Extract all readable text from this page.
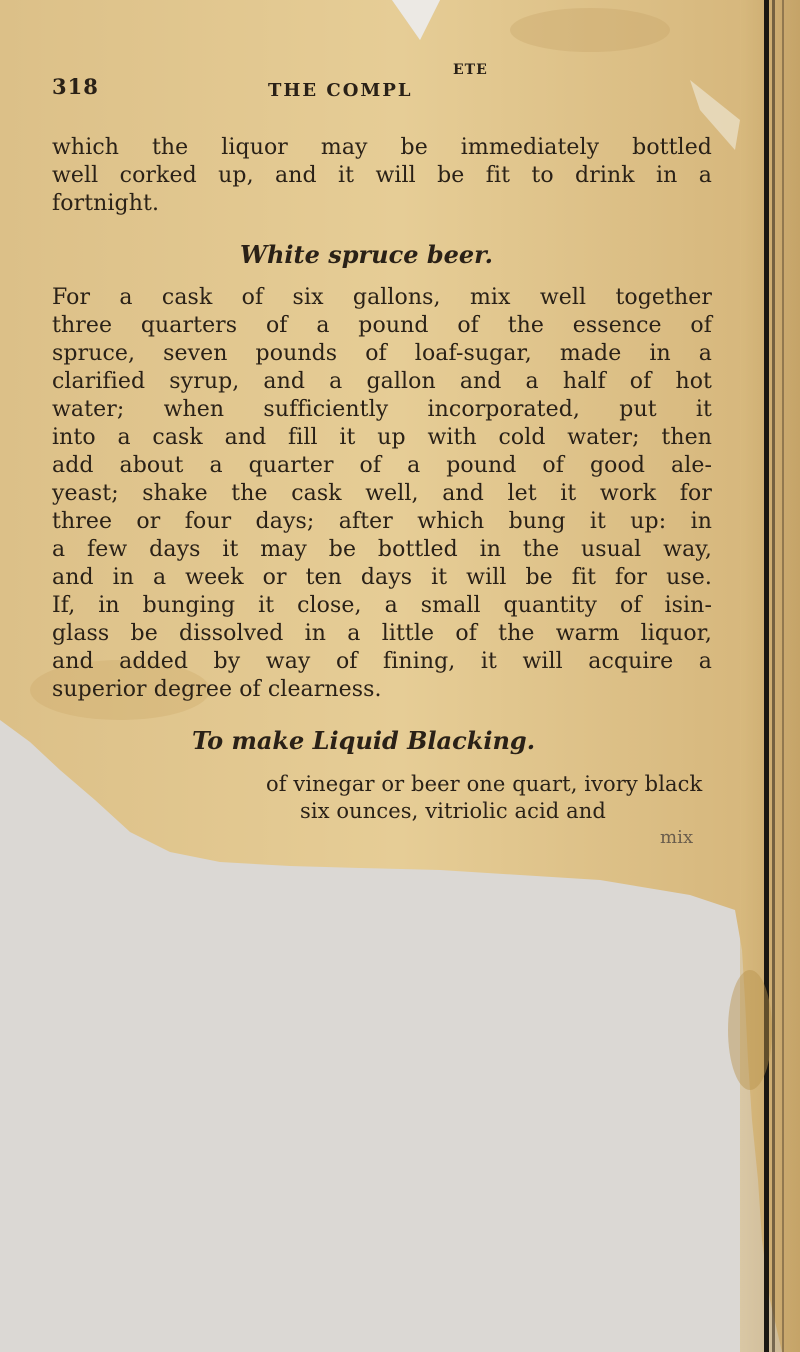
318	THE COMPL
ETE
which the liquor may be immediately bottled
well corked up, and it will be fit to drink in a
fortnight.
White spruce beer.
For a cask of six gallons, mix well together
three quarters of a pound of the essence of
spruce, seven pounds of loaf-sugar, made in a
clarified syrup, and a gallon and a half of hot
water; when sufficiently incorporated, put it
into a cask and fill it up with cold water; then
add about a quarter of a pound of good ale-
yeast; shake the cask well, and let it work for
three or four days; after which bung it up: in
a few days it may be bottled in the usual way,
and in a week or ten days it will be fit for use.
If, in bunging it close, a small quantity of isin-
glass be dissolved in a little of the warm liquor,
and added by way of fining, it will acquire a
superior degree of clearness.
To make Liquid Blacking.
of vinegar or beer one quart, ivory black
six ounces, vitriolic acid and
mix
